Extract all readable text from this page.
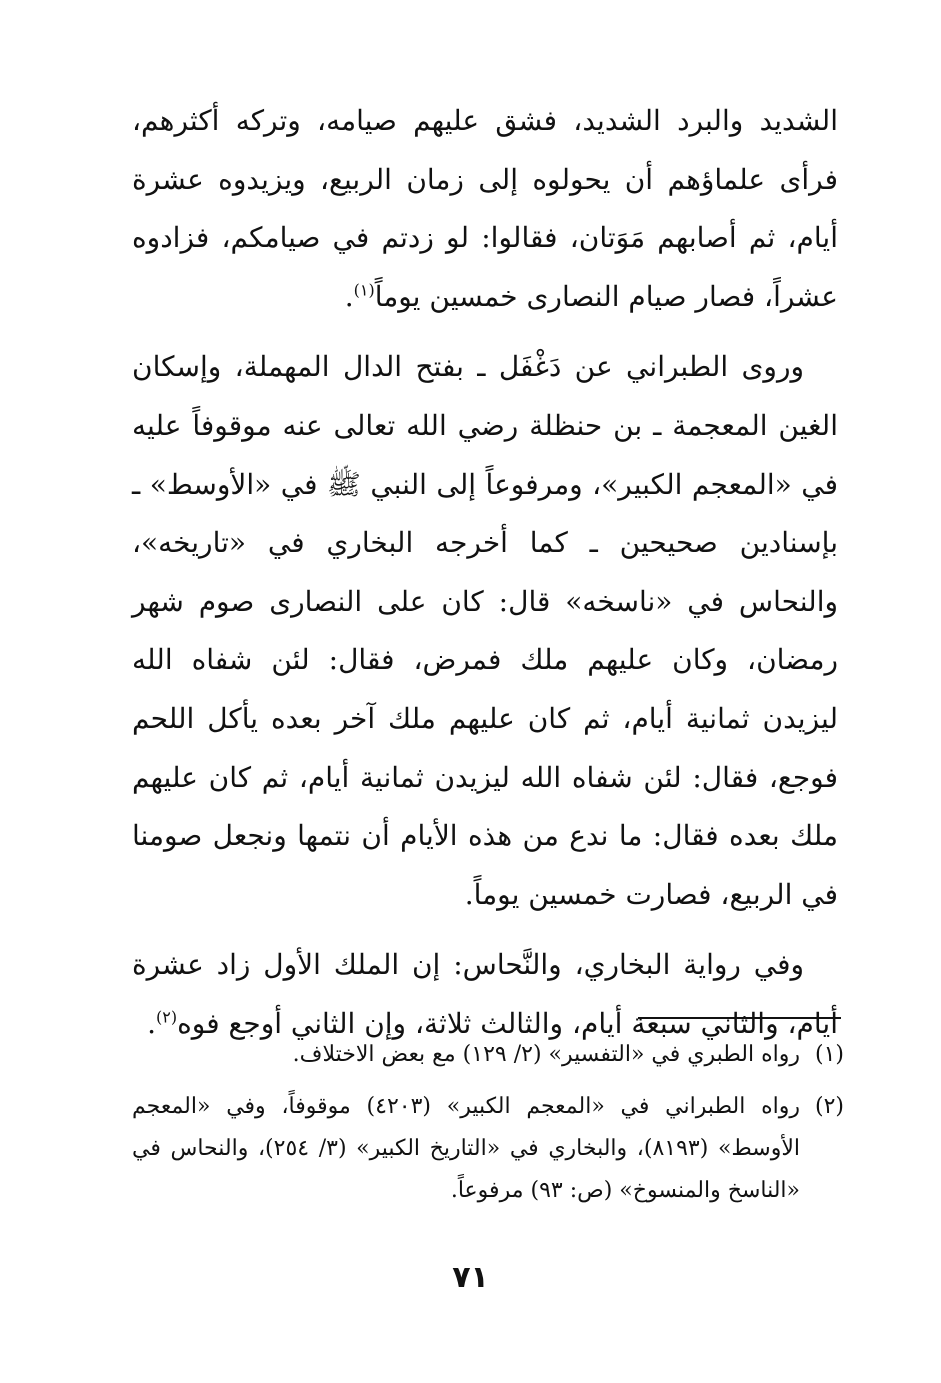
الشديد والبرد الشديد، فشق عليهم صيامه، وتركه أكثرهم، فرأى علماؤهم أن يحولوه إلى زمان الربيع، ويزيدوه عشرة أيام، ثم أصابهم مَوَتان، فقالوا: لو زدتم في صيامكم، فزادوه عشراً، فصار صيام النصارى خمسين يوماً$^{(١)}$.

وروى الطبراني عن دَغْفَل ـ بفتح الدال المهملة، وإسكان الغين المعجمة ـ بن حنظلة رضي الله تعالى عنه موقوفاً عليه في «المعجم الكبير»، ومرفوعاً إلى النبي ﷺ في «الأوسط» ـ بإسنادين صحيحين ـ كما أخرجه البخاري في «تاريخه»، والنحاس في «ناسخه» قال: كان على النصارى صوم شهر رمضان، وكان عليهم ملك فمرض، فقال: لئن شفاه الله ليزيدن ثمانية أيام، ثم كان عليهم ملك آخر بعده يأكل اللحم فوجع، فقال: لئن شفاه الله ليزيدن ثمانية أيام، ثم كان عليهم ملك بعده فقال: ما ندع من هذه الأيام أن نتمها ونجعل صومنا في الربيع، فصارت خمسين يوماً.

وفي رواية البخاري، والنَّحاس: إن الملك الأول زاد عشرة أيام، والثاني سبعة أيام، والثالث ثلاثة، وإن الثاني أوجع فوه$^{(٢)}$.

(١)
رواه الطبري في «التفسير» (٢/ ١٢٩) مع بعض الاختلاف.
(٢)
رواه الطبراني في «المعجم الكبير» (٤٢٠٣) موقوفاً، وفي «المعجم الأوسط» (٨١٩٣)، والبخاري في «التاريخ الكبير» (٣/ ٢٥٤)، والنحاس في «الناسخ والمنسوخ» (ص: ٩٣) مرفوعاً.
٧١
